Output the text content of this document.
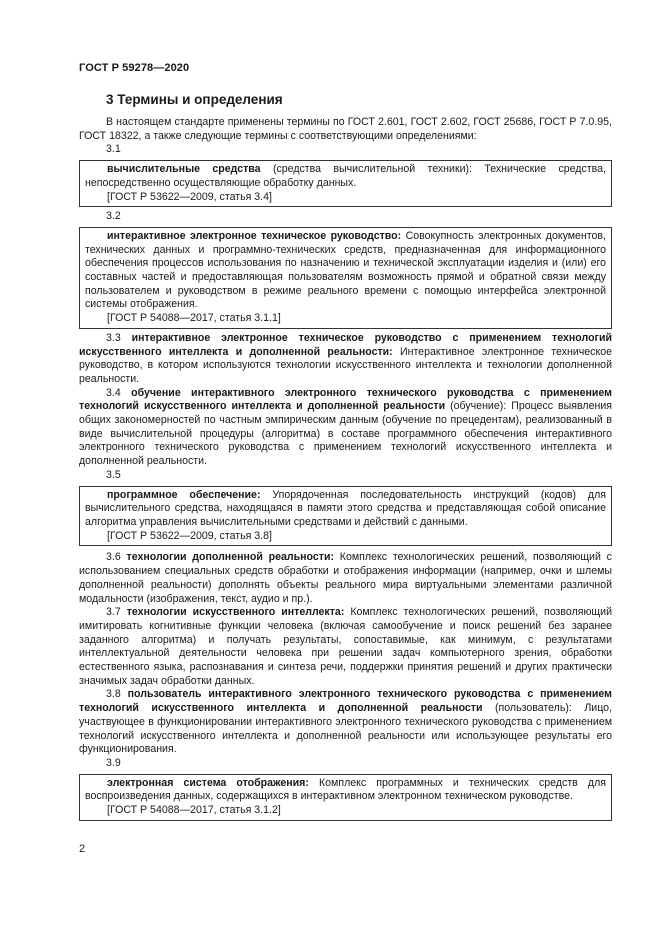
ГОСТ Р 59278—2020
3 Термины и определения

В настоящем стандарте применены термины по ГОСТ 2.601, ГОСТ 2.602, ГОСТ 25686, ГОСТ Р 7.0.95, ГОСТ 18322, а также следующие термины с соответствующими определениями:

3.1

вычислительные средства (средства вычислительной техники): Технические средства, непосредственно осуществляющие обработку данных.

[ГОСТ Р 53622—2009, статья 3.4]
3.2

интерактивное электронное техническое руководство: Совокупность электронных документов, технических данных и программно-технических средств, предназначенная для информационного обеспечения процессов использования по назначению и технической эксплуатации изделия и (или) его составных частей и предоставляющая пользователям возможность прямой и обратной связи между пользователем и руководством в режиме реального времени с помощью интерфейса электронной системы отображения.

[ГОСТ Р 54088—2017, статья 3.1.1]

3.3 интерактивное электронное техническое руководство с применением технологий искусственного интеллекта и дополненной реальности: Интерактивное электронное техническое руководство, в котором используются технологии искусственного интеллекта и технологии дополненной реальности.

3.4 обучение интерактивного электронного технического руководства с применением технологий искусственного интеллекта и дополненной реальности (обучение): Процесс выявления общих закономерностей по частным эмпирическим данным (обучение по прецедентам), реализованный в виде вычислительной процедуры (алгоритма) в составе программного обеспечения интерактивного электронного технического руководства с применением технологий искусственного интеллекта и дополненной реальности.

3.5

программное обеспечение: Упорядоченная последовательность инструкций (кодов) для вычислительного средства, находящаяся в памяти этого средства и представляющая собой описание алгоритма управления вычислительными средствами и действий с данными.

[ГОСТ Р 53622—2009, статья 3.8]

3.6 технологии дополненной реальности: Комплекс технологических решений, позволяющий с использованием специальных средств обработки и отображения информации (например, очки и шлемы дополненной реальности) дополнять объекты реального мира виртуальными элементами различной модальности (изображения, текст, аудио и пр.).

3.7 технологии искусственного интеллекта: Комплекс технологических решений, позволяющий имитировать когнитивные функции человека (включая самообучение и поиск решений без заранее заданного алгоритма) и получать результаты, сопоставимые, как минимум, с результатами интеллектуальной деятельности человека при решении задач компьютерного зрения, обработки естественного языка, распознавания и синтеза речи, поддержки принятия решений и других практически значимых задач обработки данных.

3.8 пользователь интерактивного электронного технического руководства с применением технологий искусственного интеллекта и дополненной реальности (пользователь): Лицо, участвующее в функционировании интерактивного электронного технического руководства с применением технологий искусственного интеллекта и дополненной реальности или использующее результаты его функционирования.

3.9

электронная система отображения: Комплекс программных и технических средств для воспроизведения данных, содержащихся в интерактивном электронном техническом руководстве.

[ГОСТ Р 54088—2017, статья 3.1.2]
2
